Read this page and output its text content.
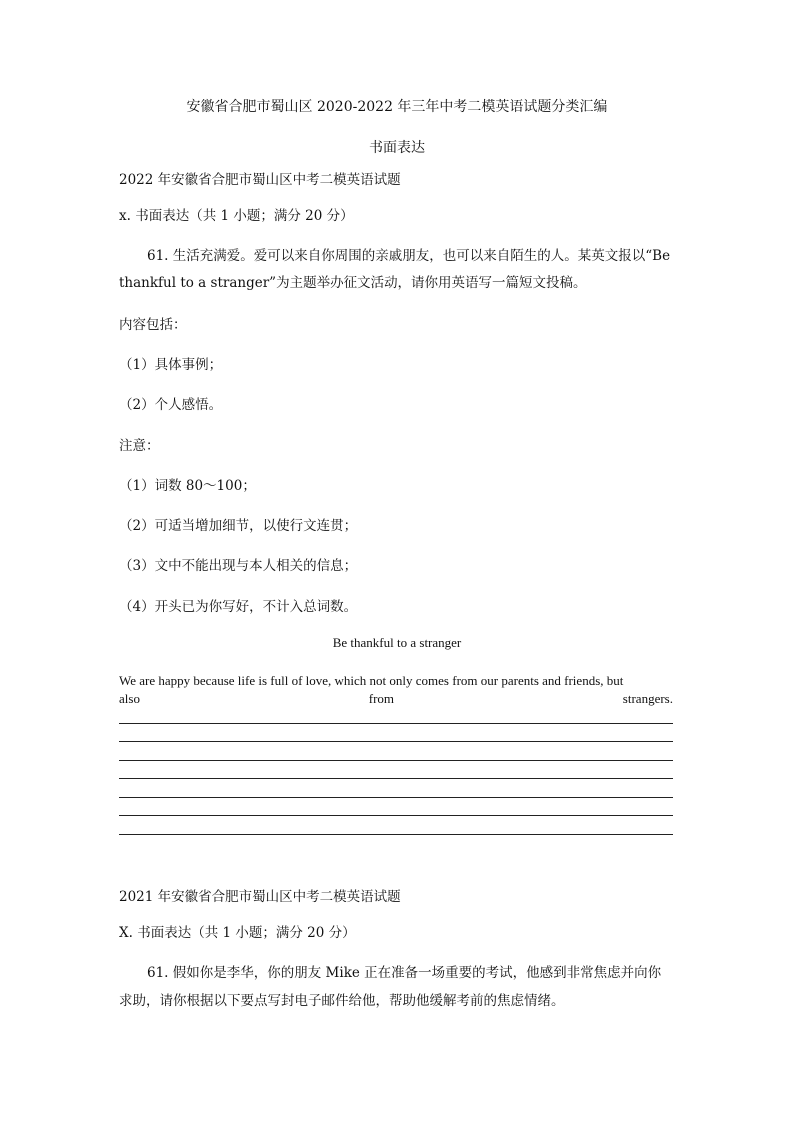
安徽省合肥市蜀山区 2020-2022 年三年中考二模英语试题分类汇编
书面表达
2022 年安徽省合肥市蜀山区中考二模英语试题
x. 书面表达（共 1 小题；满分 20 分）
61. 生活充满爱。爱可以来自你周围的亲戚朋友，也可以来自陌生的人。某英文报以“Be
thankful to a stranger”为主题举办征文活动，请你用英语写一篇短文投稿。
内容包括：
（1）具体事例；
（2）个人感悟。
注意：
（1）词数 80～100；
（2）可适当增加细节，以使行文连贯；
（3）文中不能出现与本人相关的信息；
（4）开头已为你写好，不计入总词数。
Be thankful to a stranger
We are happy because life is full of love, which not only comes from our parents and friends, but
also	from	strangers.
2021 年安徽省合肥市蜀山区中考二模英语试题
X. 书面表达（共 1 小题；满分 20 分）
61. 假如你是李华，你的朋友 Mike 正在准备一场重要的考试，他感到非常焦虑并向你
求助，请你根据以下要点写封电子邮件给他，帮助他缓解考前的焦虑情绪。
